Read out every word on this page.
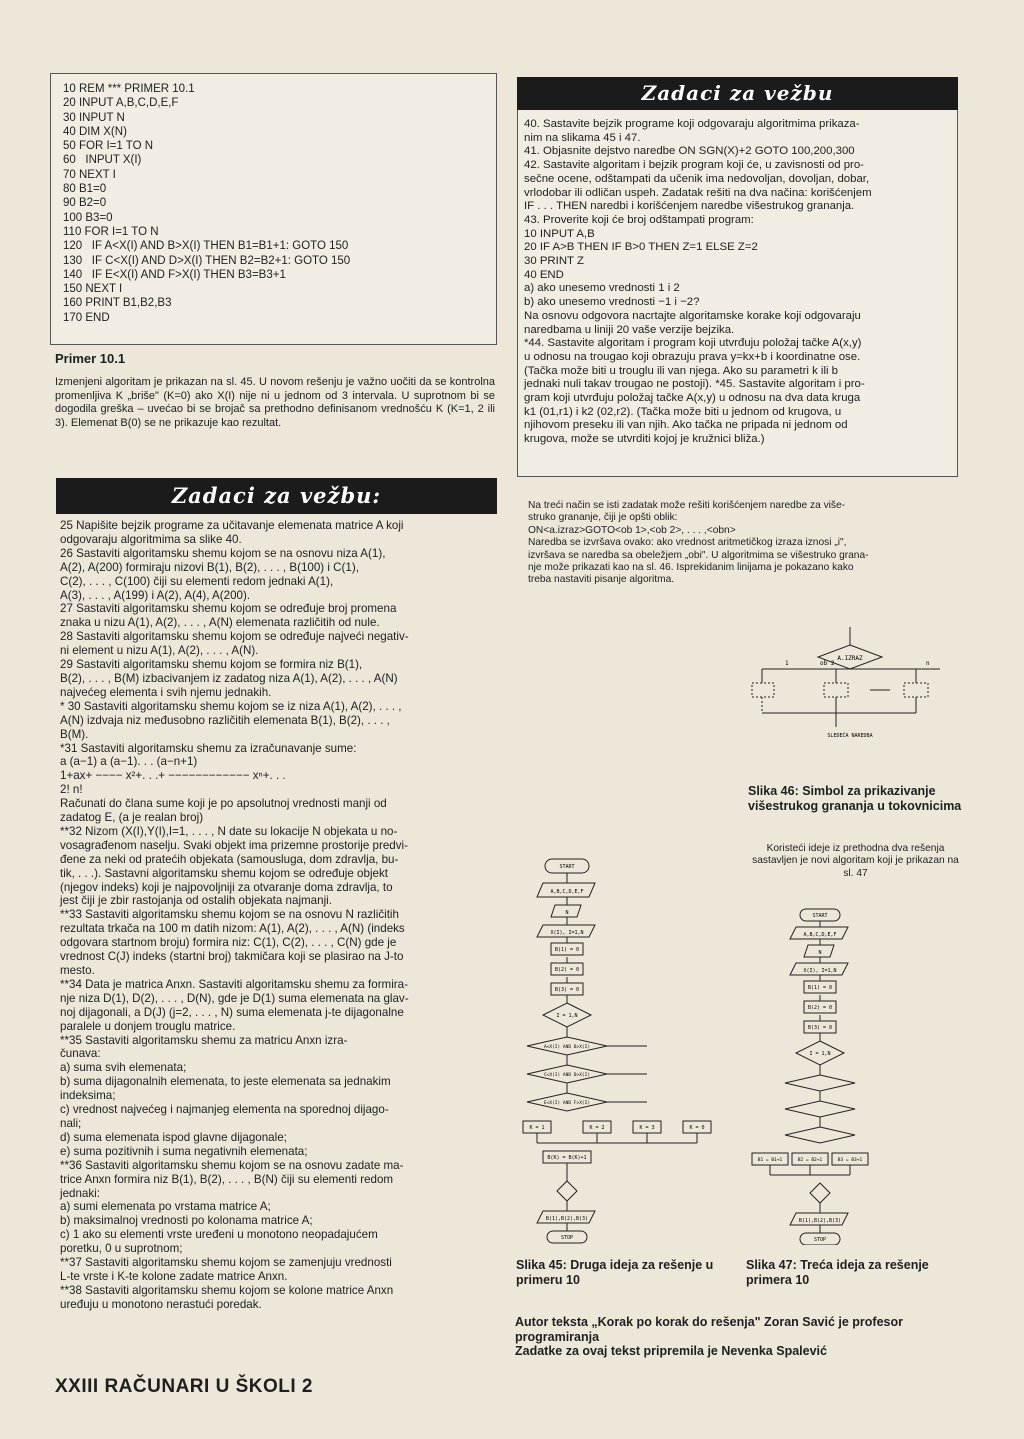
10 REM *** PRIMER 10.1
20 INPUT A,B,C,D,E,F
30 INPUT N
40 DIM X(N)
50 FOR I=1 TO N
60   INPUT X(I)
70 NEXT I
80 B1=0
90 B2=0
100 B3=0
110 FOR I=1 TO N
120   IF A<X(I) AND B>X(I) THEN B1=B1+1: GOTO 150
130   IF C<X(I) AND D>X(I) THEN B2=B2+1: GOTO 150
140   IF E<X(I) AND F>X(I) THEN B3=B3+1
150 NEXT I
160 PRINT B1,B2,B3
170 END
Primer 10.1
Izmenjeni algoritam je prikazan na sl. 45. U novom rešenju je važno uočiti da se kontrolna promenljiva K „briše" (K=0) ako X(I) nije ni u jednom od 3 intervala. U suprotnom bi se dogodila greška – uvećao bi se brojač sa prethodno definisanom vrednošću K (K=1, 2 ili 3). Elemenat B(0) se ne prikazuje kao rezultat.
Zadaci za vežbu
40. Sastavite bejzik programe koji odgovaraju algoritmima prikaza-
nim na slikama 45 i 47.
41. Objasnite dejstvo naredbe ON SGN(X)+2 GOTO 100,200,300
42. Sastavite algoritam i bejzik program koji će, u zavisnosti od pro-
sečne ocene, odštampati da učenik ima nedovoljan, dovoljan, dobar,
vrlodobar ili odličan uspeh. Zadatak rešiti na dva načina: korišćenjem
IF . . . THEN naredbi i korišćenjem naredbe višestrukog grananja.
43. Proverite koji će broj odštampati program:
10 INPUT A,B
20 IF A>B THEN IF B>0 THEN Z=1 ELSE Z=2
30 PRINT Z
40 END
a) ako unesemo vrednosti 1 i 2
b) ako unesemo vrednosti −1 i −2?
Na osnovu odgovora nacrtajte algoritamske korake koji odgovaraju
naredbama u liniji 20 vaše verzije bejzika.
*44. Sastavite algoritam i program koji utvrđuju položaj tačke A(x,y)
u odnosu na trougao koji obrazuju prava y=kx+b i koordinatne ose.
(Tačka može biti u trouglu ili van njega. Ako su parametri k ili b
jednaki nuli takav trougao ne postoji). *45. Sastavite algoritam i pro-
gram koji utvrđuju položaj tačke A(x,y) u odnosu na dva data kruga
k1 (01,r1) i k2 (02,r2). (Tačka može biti u jednom od krugova, u
njihovom preseku ili van njih. Ako tačka ne pripada ni jednom od
krugova, može se utvrditi kojoj je kružnici bliža.)
Zadaci za vežbu:
25 Napišite bejzik programe za učitavanje elemenata matrice A koji
odgovaraju algoritmima sa slike 40.
26 Sastaviti algoritamsku shemu kojom se na osnovu niza A(1),
A(2), A(200) formiraju nizovi B(1), B(2), . . . , B(100) i C(1),
C(2), . . . , C(100) čiji su elementi redom jednaki A(1),
A(3), . . . , A(199) i A(2), A(4), A(200).
27 Sastaviti algoritamsku shemu kojom se određuje broj promena
znaka u nizu A(1), A(2), . . . , A(N) elemenata različitih od nule.
28 Sastaviti algoritamsku shemu kojom se određuje najveći negativ-
ni element u nizu A(1), A(2), . . . , A(N).
29 Sastaviti algoritamsku shemu kojom se formira niz B(1),
B(2), . . . , B(M) izbacivanjem iz zadatog niza A(1), A(2), . . . , A(N)
najvećeg elementa i svih njemu jednakih.
* 30 Sastaviti algoritamsku shemu kojom se iz niza A(1), A(2), . . . ,
A(N) izdvaja niz međusobno različitih elemenata B(1), B(2), . . . ,
B(M).
*31 Sastaviti algoritamsku shemu za izračunavanje sume:
a (a−1) a (a−1). . . (a−n+1)
1+ax+ −−−− x²+. . .+ −−−−−−−−−−−− xⁿ+. . .
2! n!
Računati do člana sume koji je po apsolutnoj vrednosti manji od
zadatog E, (a je realan broj)
**32 Nizom (X(I),Y(I),I=1, . . . , N date su lokacije N objekata u no-
vosagrađenom naselju. Svaki objekt ima prizemne prostorije predvi-
đene za neki od pratećih objekata (samousluga, dom zdravlja, bu-
tik, . . .). Sastavni algoritamsku shemu kojom se određuje objekt
(njegov indeks) koji je najpovoljniji za otvaranje doma zdravlja, to
jest čiji je zbir rastojanja od ostalih objekata najmanji.
**33 Sastaviti algoritamsku shemu kojom se na osnovu N različitih
rezultata trkača na 100 m datih nizom: A(1), A(2), . . . , A(N) (indeks
odgovara startnom broju) formira niz: C(1), C(2), . . . , C(N) gde je
vrednost C(J) indeks (startni broj) takmičara koji se plasirao na J-to
mesto.
**34 Data je matrica Anxn. Sastaviti algoritamsku shemu za formira-
nje niza D(1), D(2), . . . , D(N), gde je D(1) suma elemenata na glav-
noj dijagonali, a D(J) (j=2, . . . , N) suma elemenata j-te dijagonalne
paralele u donjem trouglu matrice.
**35 Sastaviti algoritamsku shemu za matricu Anxn izra-
čunava:
a) suma svih elemenata;
b) suma dijagonalnih elemenata, to jeste elemenata sa jednakim
indeksima;
c) vrednost najvećeg i najmanjeg elementa na sporednoj dijago-
nali;
d) suma elemenata ispod glavne dijagonale;
e) suma pozitivnih i suma negativnih elemenata;
**36 Sastaviti algoritamsku shemu kojom se na osnovu zadate ma-
trice Anxn formira niz B(1), B(2), . . . , B(N) čiji su elementi redom
jednaki:
a) sumi elemenata po vrstama matrice A;
b) maksimalnoj vrednosti po kolonama matrice A;
c) 1 ako su elementi vrste uređeni u monotono neopadajućem
poretku, 0 u suprotnom;
**37 Sastaviti algoritamsku shemu kojom se zamenjuju vrednosti
L-te vrste i K-te kolone zadate matrice Anxn.
**38 Sastaviti algoritamsku shemu kojom se kolone matrice Anxn
uređuju u monotono nerastući poredak.
Na treći način se isti zadatak može rešiti korišćenjem naredbe za više-
struko grananje, čiji je opšti oblik:
ON<a.izraz>GOTO<ob 1>,<ob 2>, . . . ,<obn>
Naredba se izvršava ovako: ako vrednost aritmetičkog izraza iznosi „i",
izvršava se naredba sa obeležjem „obi". U algoritmima se višestruko grana-
nje može prikazati kao na sl. 46. Isprekidanim linijama je pokazano kako
treba nastaviti pisanje algoritma.
A.IZRAZ
1	ob 2	n
SLEDEĆA NAREDBA
Slika 46: Simbol za prikazivanje višestrukog grananja u tokovnicima
Koristeći ideje iz prethodna dva rešenja sastavljen je novi algoritam koji je prikazan na sl. 47
START
A,B,C,D,E,F
N
X(I), I=1,N
B(1) = 0
B(2) = 0
B(3) = 0
I = 1,N
A<X(I) AND B>X(I)
C<X(I) AND D>X(I)
E<X(I) AND F>X(I)
K = 1	K = 2	K = 3	K = 0
B(K) = B(K)+1
B(1),B(2),B(3)
STOP
START
A,B,C,D,E,F
N
X(I), I=1,N
B(1) = 0
B(2) = 0
B(3) = 0
I = 1,N
B1 = B1+1	B2 = B2+1	B3 = B3+1
B(1),B(2),B(3)
STOP
Slika 45: Druga ideja za rešenje u primeru 10
Slika 47: Treća ideja za rešenje primera 10
Autor teksta „Korak po korak do rešenja" Zoran Savić je profesor programiranja
Zadatke za ovaj tekst pripremila je Nevenka Spalević
XXIII RAČUNARI U ŠKOLI 2
